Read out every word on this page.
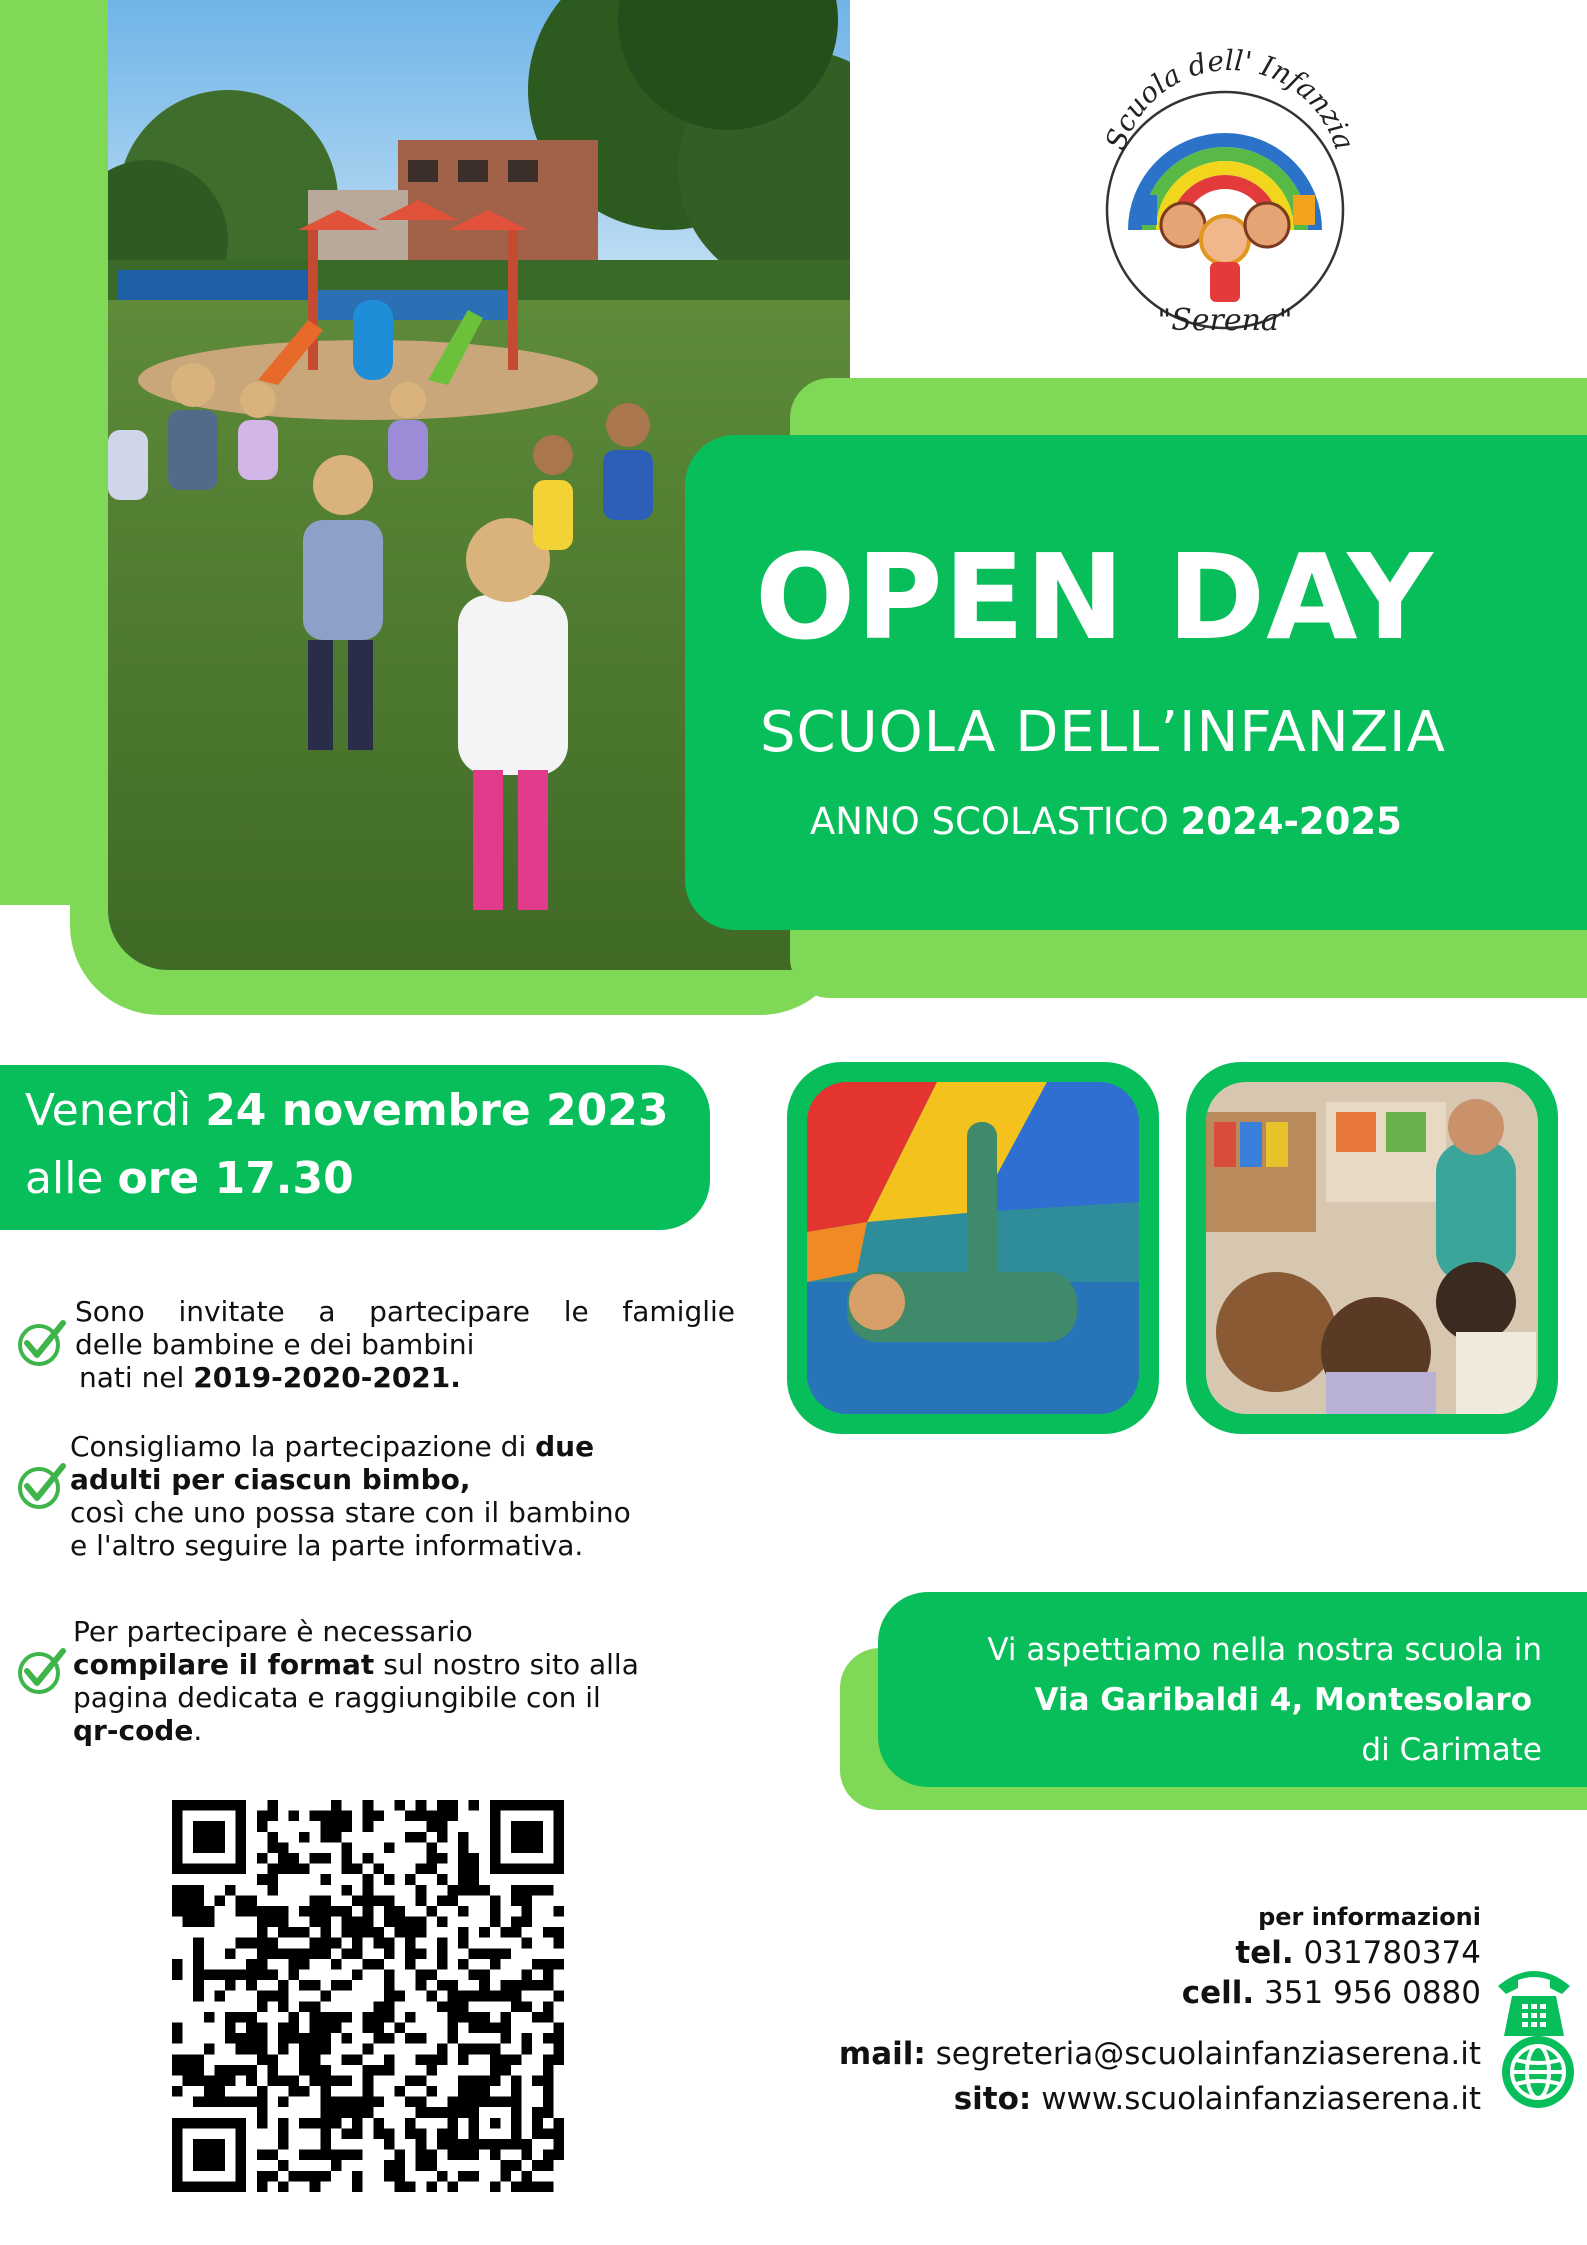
Scuola dell' Infanzia
"Serena"
OPEN DAY
SCUOLA DELL’INFANZIA
ANNO SCOLASTICO 2024-2025
Venerdì 24 novembre 2023
alle ore 17.30
Sono invitate a partecipare le famiglie
delle bambine e dei bambini
nati nel 2019-2020-2021.
Consigliamo la partecipazione di due
adulti per ciascun bimbo,
così che uno possa stare con il bambino
e l'altro seguire la parte informativa.
Per partecipare è necessario
compilare il format sul nostro sito alla
pagina dedicata e raggiungibile con il
qr-code.
Vi aspettiamo nella nostra scuola in
Via Garibaldi 4, Montesolaro
di Carimate
per informazioni
tel. 031780374
cell. 351 956 0880
mail: segreteria@scuolainfanziaserena.it
sito: www.scuolainfanziaserena.it
